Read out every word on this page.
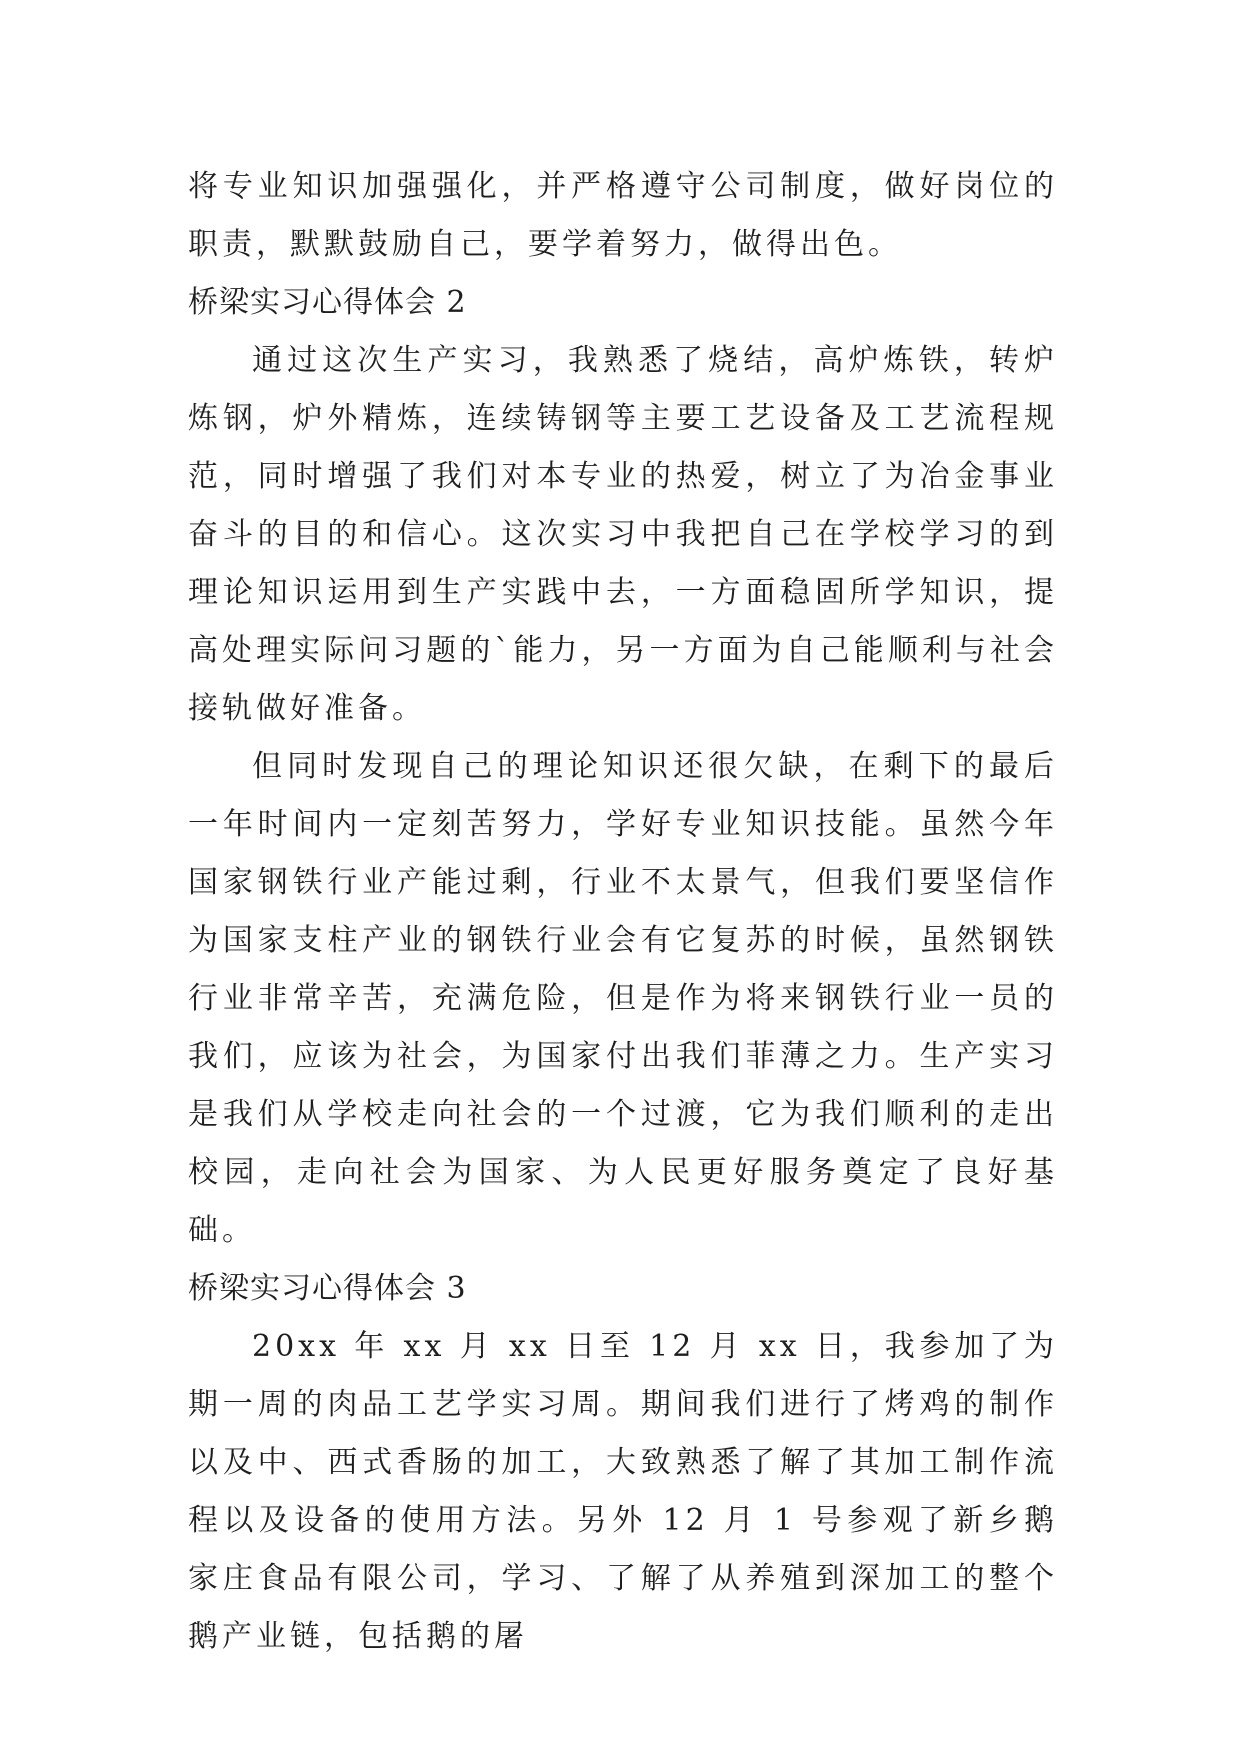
将专业知识加强强化，并严格遵守公司制度，做好岗位的职责，默默鼓励自己，要学着努力，做得出色。

桥梁实习心得体会 2

通过这次生产实习，我熟悉了烧结，高炉炼铁，转炉炼钢，炉外精炼，连续铸钢等主要工艺设备及工艺流程规范，同时增强了我们对本专业的热爱，树立了为冶金事业奋斗的目的和信心。这次实习中我把自己在学校学习的到理论知识运用到生产实践中去，一方面稳固所学知识，提高处理实际问习题的`能力，另一方面为自己能顺利与社会接轨做好准备。

但同时发现自己的理论知识还很欠缺，在剩下的最后一年时间内一定刻苦努力，学好专业知识技能。虽然今年国家钢铁行业产能过剩，行业不太景气，但我们要坚信作为国家支柱产业的钢铁行业会有它复苏的时候，虽然钢铁行业非常辛苦，充满危险，但是作为将来钢铁行业一员的我们，应该为社会，为国家付出我们菲薄之力。生产实习是我们从学校走向社会的一个过渡，它为我们顺利的走出校园，走向社会为国家、为人民更好服务奠定了良好基础。

桥梁实习心得体会 3

20xx 年 xx 月 xx 日至 12 月 xx 日，我参加了为期一周的肉品工艺学实习周。期间我们进行了烤鸡的制作以及中、西式香肠的加工，大致熟悉了解了其加工制作流程以及设备的使用方法。另外 12 月 1 号参观了新乡鹅家庄食品有限公司，学习、了解了从养殖到深加工的整个鹅产业链，包括鹅的屠
